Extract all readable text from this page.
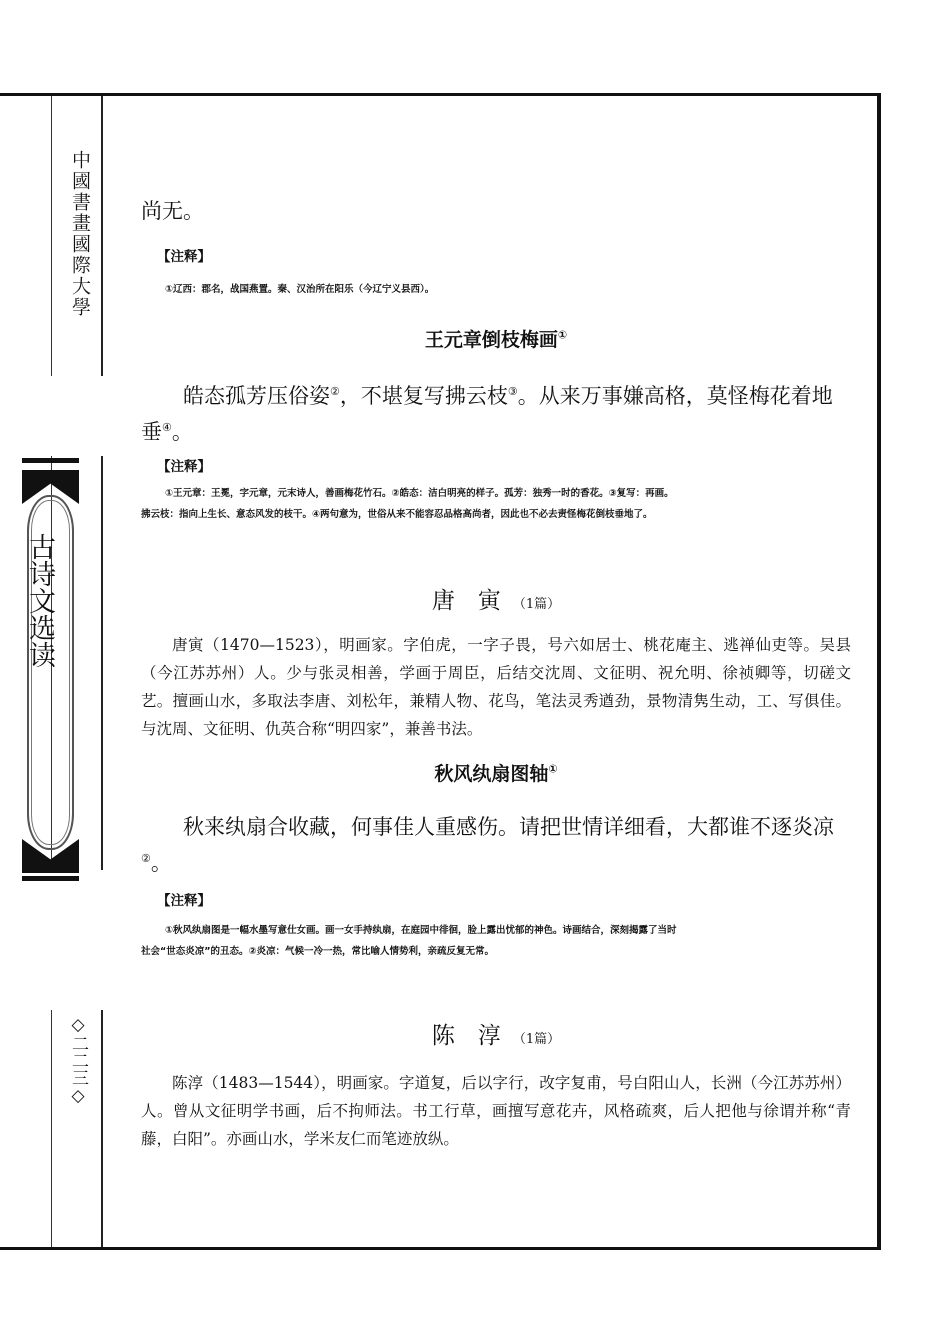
中國書畫國際大學
古诗文选读
◇二二三◇

尚无。

【注释】

①辽西：郡名，战国燕置。秦、汉治所在阳乐（今辽宁义县西）。

王元章倒枝梅画①

皓态孤芳压俗姿②，不堪复写拂云枝③。从来万事嫌高格，莫怪梅花着地垂④。

【注释】

①王元章：王冕，字元章，元末诗人，善画梅花竹石。②皓态：洁白明亮的样子。孤芳：独秀一时的香花。③复写：再画。
拂云枝：指向上生长、意态风发的枝干。④两句意为，世俗从来不能容忍品格高尚者，因此也不必去责怪梅花倒枝垂地了。

唐　寅 （1篇）

唐寅（1470—1523），明画家。字伯虎，一字子畏，号六如居士、桃花庵主、逃禅仙吏等。吴县（今江苏苏州）人。少与张灵相善，学画于周臣，后结交沈周、文征明、祝允明、徐祯卿等，切磋文艺。擅画山水，多取法李唐、刘松年，兼精人物、花鸟，笔法灵秀遒劲，景物清隽生动，工、写俱佳。与沈周、文征明、仇英合称“明四家”，兼善书法。

秋风纨扇图轴①

秋来纨扇合收藏，何事佳人重感伤。请把世情详细看，大都谁不逐炎凉②。

【注释】

①秋风纨扇图是一幅水墨写意仕女画。画一女手持纨扇，在庭园中徘徊，脸上露出忧郁的神色。诗画结合，深刻揭露了当时
社会“世态炎凉”的丑态。②炎凉：气候一冷一热，常比喻人情势利，亲疏反复无常。

陈　淳 （1篇）

陈淳（1483—1544），明画家。字道复，后以字行，改字复甫，号白阳山人，长洲（今江苏苏州）人。曾从文征明学书画，后不拘师法。书工行草，画擅写意花卉，风格疏爽，后人把他与徐谓并称“青藤，白阳”。亦画山水，学米友仁而笔迹放纵。
